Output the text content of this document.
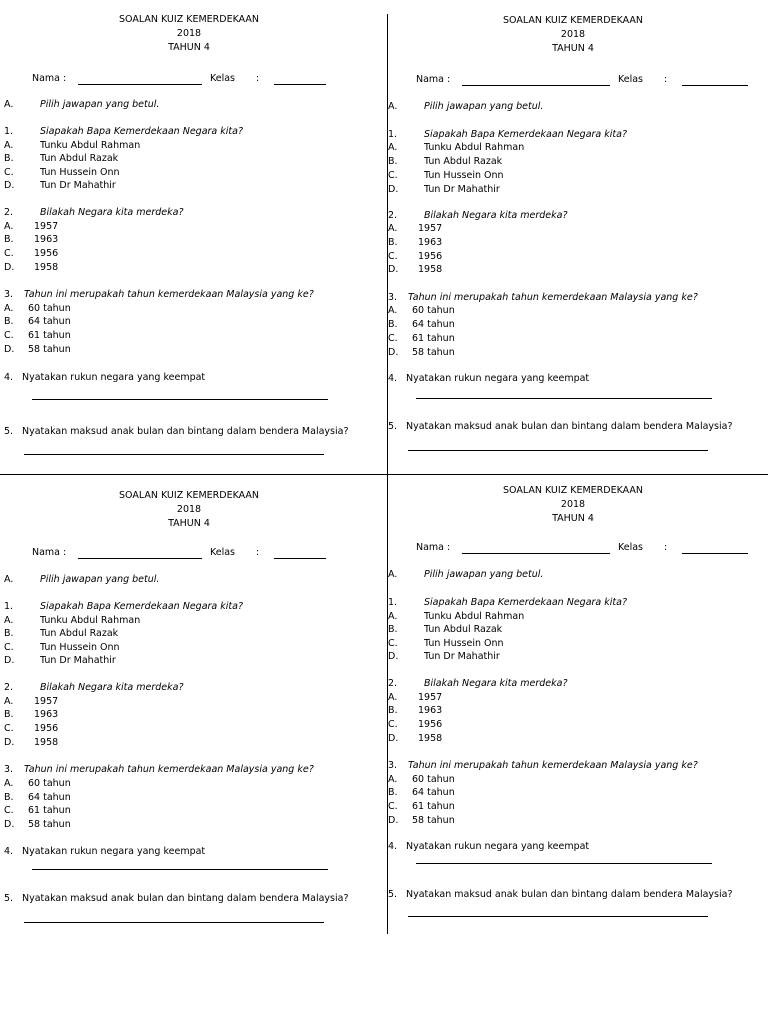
SOALAN KUIZ KEMERDEKAAN
2018
TAHUN 4
Nama :	Kelas :
A.	Pilih jawapan yang betul.
1.	Siapakah Bapa Kemerdekaan Negara kita?
A.	Tunku Abdul Rahman
B.	Tun Abdul Razak
C.	Tun Hussein Onn
D.	Tun Dr Mahathir
2.	Bilakah Negara kita merdeka?
A. 1957
B. 1963
C. 1956
D. 1958
3. Tahun ini merupakah tahun kemerdekaan Malaysia yang ke?
A. 60 tahun
B. 64 tahun
C. 61 tahun
D. 58 tahun
4. Nyatakan rukun negara yang keempat
5. Nyatakan maksud anak bulan dan bintang dalam bendera Malaysia?
SOALAN KUIZ KEMERDEKAAN
2018
TAHUN 4
Nama :	Kelas :
A.	Pilih jawapan yang betul.
1.	Siapakah Bapa Kemerdekaan Negara kita?
A.	Tunku Abdul Rahman
B.	Tun Abdul Razak
C.	Tun Hussein Onn
D.	Tun Dr Mahathir
2.	Bilakah Negara kita merdeka?
A. 1957
B. 1963
C. 1956
D. 1958
3. Tahun ini merupakah tahun kemerdekaan Malaysia yang ke?
A. 60 tahun
B. 64 tahun
C. 61 tahun
D. 58 tahun
4. Nyatakan rukun negara yang keempat
5. Nyatakan maksud anak bulan dan bintang dalam bendera Malaysia?
SOALAN KUIZ KEMERDEKAAN
2018
TAHUN 4
Nama :	Kelas :
A.	Pilih jawapan yang betul.
1.	Siapakah Bapa Kemerdekaan Negara kita?
A.	Tunku Abdul Rahman
B.	Tun Abdul Razak
C.	Tun Hussein Onn
D.	Tun Dr Mahathir
2.	Bilakah Negara kita merdeka?
A. 1957
B. 1963
C. 1956
D. 1958
3. Tahun ini merupakah tahun kemerdekaan Malaysia yang ke?
A. 60 tahun
B. 64 tahun
C. 61 tahun
D. 58 tahun
4. Nyatakan rukun negara yang keempat
5. Nyatakan maksud anak bulan dan bintang dalam bendera Malaysia?
SOALAN KUIZ KEMERDEKAAN
2018
TAHUN 4
Nama :	Kelas :
A.	Pilih jawapan yang betul.
1.	Siapakah Bapa Kemerdekaan Negara kita?
A.	Tunku Abdul Rahman
B.	Tun Abdul Razak
C.	Tun Hussein Onn
D.	Tun Dr Mahathir
2.	Bilakah Negara kita merdeka?
A. 1957
B. 1963
C. 1956
D. 1958
3. Tahun ini merupakah tahun kemerdekaan Malaysia yang ke?
A. 60 tahun
B. 64 tahun
C. 61 tahun
D. 58 tahun
4. Nyatakan rukun negara yang keempat
5. Nyatakan maksud anak bulan dan bintang dalam bendera Malaysia?
